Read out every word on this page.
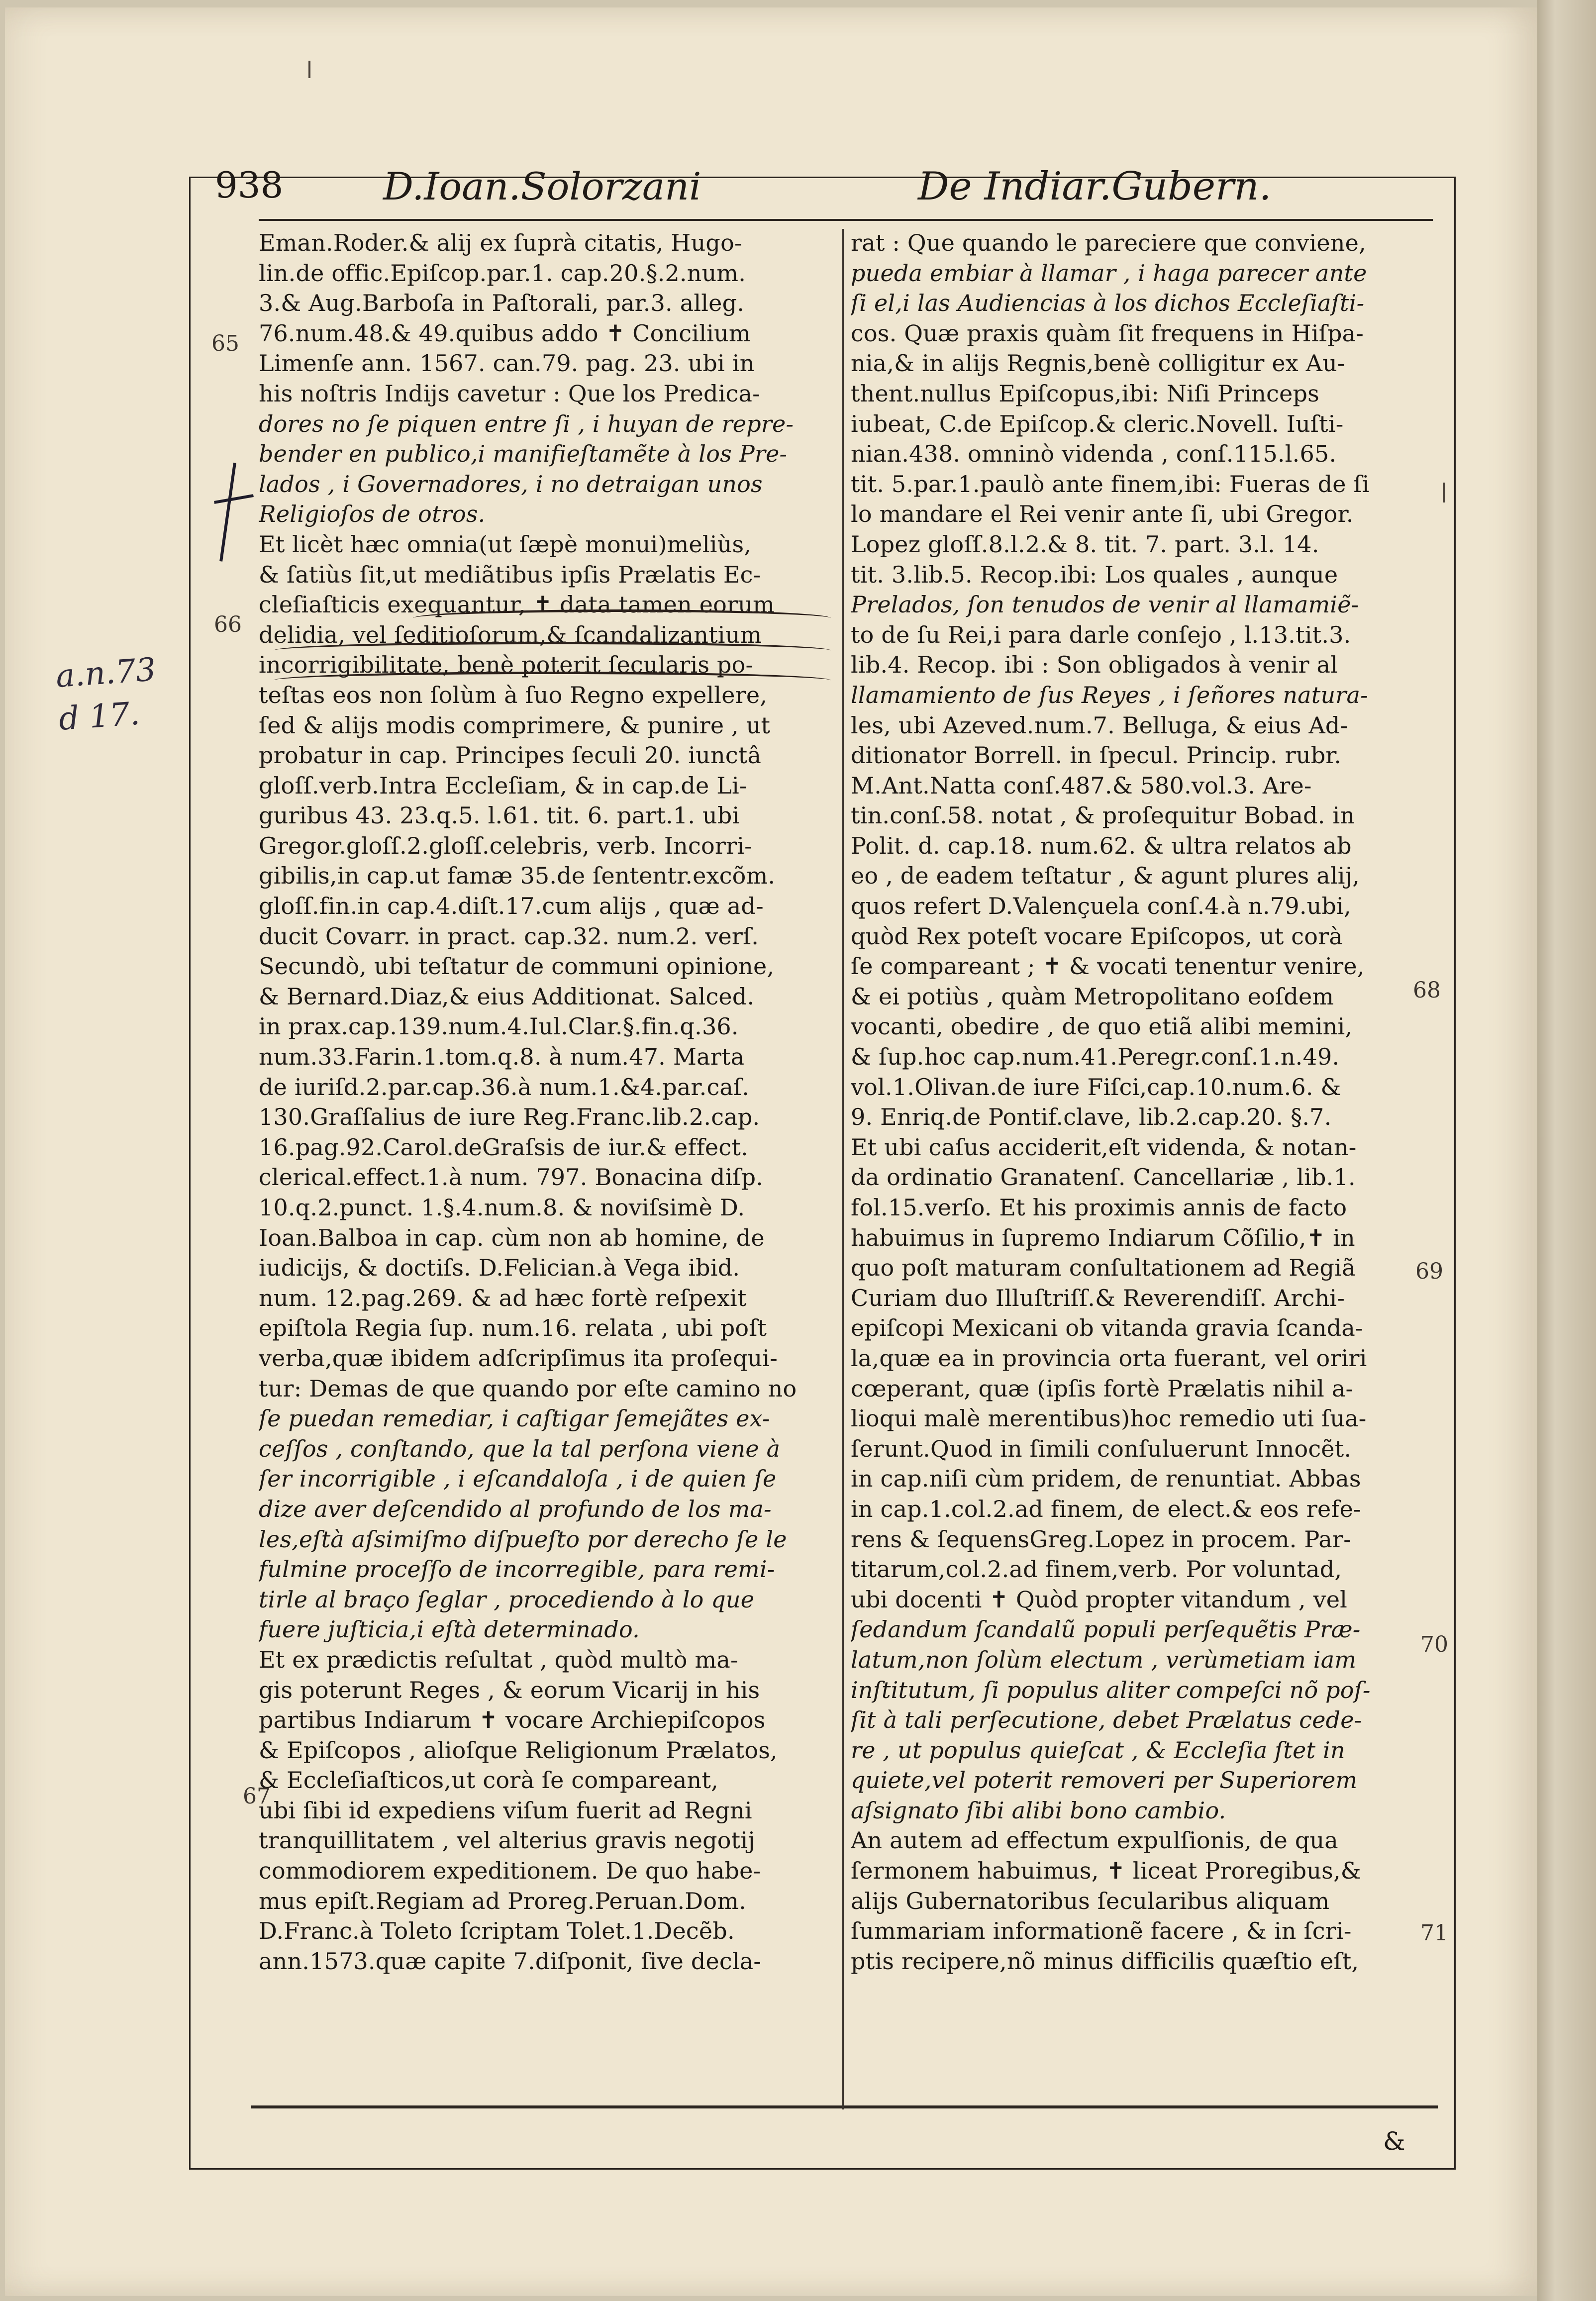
938	D.Ioan.Solorzani	De Indiar.Gubern.
Eman.Roder.& alij ex ſuprà citatis, Hugo-
lin.de offic.Epiſcop.par.1. cap.20.§.2.num.
3.& Aug.Barboſa in Paſtorali, par.3. alleg.
76.num.48.& 49.quibus addo ✝ Concilium
Limenſe ann. 1567. can.79. pag. 23. ubi in
his noſtris Indijs cavetur : Que los Predica-
dores no ſe piquen entre ſi , i huyan de repre-
bender en publico,i manifieſtamẽte à los Pre-
lados , i Governadores, i no detraigan unos
Religioſos de otros.
Et licèt hæc omnia(ut ſæpè monui)meliùs,
& ſatiùs ſit,ut mediãtibus ipſis Prælatis Ec-
cleſiaſticis exequantur, ✝ data tamen eorum
delidia, vel ſeditioſorum,& ſcandalizantium
incorrigibilitate, benè poterit ſecularis po-
teſtas eos non ſolùm à ſuo Regno expellere,
ſed & alijs modis comprimere, & punire , ut
probatur in cap. Principes ſeculi 20. iunctâ
gloſſ.verb.Intra Eccleſiam, & in cap.de Li-
guribus 43. 23.q.5. l.61. tit. 6. part.1. ubi
Gregor.gloſſ.2.gloſſ.celebris, verb. Incorri-
gibilis,in cap.ut famæ 35.de ſententr.excõm.
gloſſ.fin.in cap.4.diſt.17.cum alijs , quæ ad-
ducit Covarr. in pract. cap.32. num.2. verſ.
Secundò, ubi teſtatur de communi opinione,
& Bernard.Diaz,& eius Additionat. Salced.
in prax.cap.139.num.4.Iul.Clar.§.fin.q.36.
num.33.Farin.1.tom.q.8. à num.47. Marta
de iuriſd.2.par.cap.36.à num.1.&4.par.caſ.
130.Graſſalius de iure Reg.Franc.lib.2.cap.
16.pag.92.Carol.deGraſsis de iur.& effect.
clerical.effect.1.à num. 797. Bonacina diſp.
10.q.2.punct. 1.§.4.num.8. & noviſsimè D.
Ioan.Balboa in cap. cùm non ab homine, de
iudicijs, & doctiſs. D.Felician.à Vega ibid.
num. 12.pag.269. & ad hæc fortè reſpexit
epiſtola Regia ſup. num.16. relata , ubi poſt
verba,quæ ibidem adſcripſimus ita proſequi-
tur: Demas de que quando por eſte camino no
ſe puedan remediar, i caſtigar ſemejãtes ex-
ceſſos , conſtando, que la tal perſona viene à
ſer incorrigible , i eſcandaloſa , i de quien ſe
dize aver deſcendido al profundo de los ma-
les,eſtà aſsimiſmo diſpueſto por derecho ſe le
fulmine proceſſo de incorregible, para remi-
tirle al braço ſeglar , procediendo à lo que
fuere juſticia,i eſtà determinado.
Et ex prædictis reſultat , quòd multò ma-
gis poterunt Reges , & eorum Vicarij in his
partibus Indiarum ✝ vocare Archiepiſcopos
& Epiſcopos , alioſque Religionum Prælatos,
& Eccleſiaſticos,ut corà ſe compareant,
ubi ſibi id expediens viſum fuerit ad Regni
tranquillitatem , vel alterius gravis negotij
commodiorem expeditionem. De quo habe-
mus epiſt.Regiam ad Proreg.Peruan.Dom.
D.Franc.à Toleto ſcriptam Tolet.1.Decẽb.
ann.1573.quæ capite 7.diſponit, ſive decla-
rat : Que quando le pareciere que conviene,
pueda embiar à llamar , i haga parecer ante
ſi el,i las Audiencias à los dichos Eccleſiaſti-
cos. Quæ praxis quàm ſit frequens in Hiſpa-
nia,& in alijs Regnis,benè colligitur ex Au-
thent.nullus Epiſcopus,ibi: Niſi Princeps
iubeat, C.de Epiſcop.& cleric.Novell. Iuſti-
nian.438. omninò videnda , conſ.115.l.65.
tit. 5.par.1.paulò ante finem,ibi: Fueras de ſi
lo mandare el Rei venir ante ſi, ubi Gregor.
Lopez gloſſ.8.l.2.& 8. tit. 7. part. 3.l. 14.
tit. 3.lib.5. Recop.ibi: Los quales , aunque
Prelados, ſon tenudos de venir al llamamiẽ-
to de ſu Rei,i para darle conſejo , l.13.tit.3.
lib.4. Recop. ibi : Son obligados à venir al
llamamiento de ſus Reyes , i ſeñores natura-
les, ubi Azeved.num.7. Belluga, & eius Ad-
ditionator Borrell. in ſpecul. Princip. rubr.
M.Ant.Natta conſ.487.& 580.vol.3. Are-
tin.conſ.58. notat , & proſequitur Bobad. in
Polit. d. cap.18. num.62. & ultra relatos ab
eo , de eadem teſtatur , & agunt plures alij,
quos refert D.Valençuela conſ.4.à n.79.ubi,
quòd Rex poteſt vocare Epiſcopos, ut corà
ſe compareant ; ✝ & vocati tenentur venire,
& ei potiùs , quàm Metropolitano eoſdem
vocanti, obedire , de quo etiã alibi memini,
& ſup.hoc cap.num.41.Peregr.conſ.1.n.49.
vol.1.Olivan.de iure Fiſci,cap.10.num.6. &
9. Enriq.de Pontif.clave, lib.2.cap.20. §.7.
Et ubi caſus acciderit,eſt videnda, & notan-
da ordinatio Granatenſ. Cancellariæ , lib.1.
fol.15.verſo. Et his proximis annis de facto
habuimus in ſupremo Indiarum Cõſilio,✝ in
quo poſt maturam conſultationem ad Regiã
Curiam duo Illuſtriſſ.& Reverendiſſ. Archi-
epiſcopi Mexicani ob vitanda gravia ſcanda-
la,quæ ea in provincia orta fuerant, vel oriri
cœperant, quæ (ipſis fortè Prælatis nihil a-
lioqui malè merentibus)hoc remedio uti ſua-
ſerunt.Quod in ſimili conſuluerunt Innocẽt.
in cap.niſi cùm pridem, de renuntiat. Abbas
in cap.1.col.2.ad finem, de elect.& eos refe-
rens & ſequensGreg.Lopez in procem. Par-
titarum,col.2.ad finem,verb. Por voluntad,
ubi docenti ✝ Quòd propter vitandum , vel
ſedandum ſcandalũ populi perſequẽtis Præ-
latum,non ſolùm electum , verùmetiam iam
inſtitutum, ſi populus aliter compeſci nõ poſ-
ſit à tali perſecutione, debet Prælatus cede-
re , ut populus quieſcat , & Eccleſia ſtet in
quiete,vel poterit removeri per Superiorem
aſsignato ſibi alibi bono cambio.
An autem ad effectum expulſionis, de qua
ſermonem habuimus, ✝ liceat Proregibus,&
alijs Gubernatoribus ſecularibus aliquam
ſummariam informationẽ facere , & in ſcri-
ptis recipere,nõ minus difficilis quæſtio eſt,
65
66
67
68
69
70
71
a.n.73
d 17.
&
